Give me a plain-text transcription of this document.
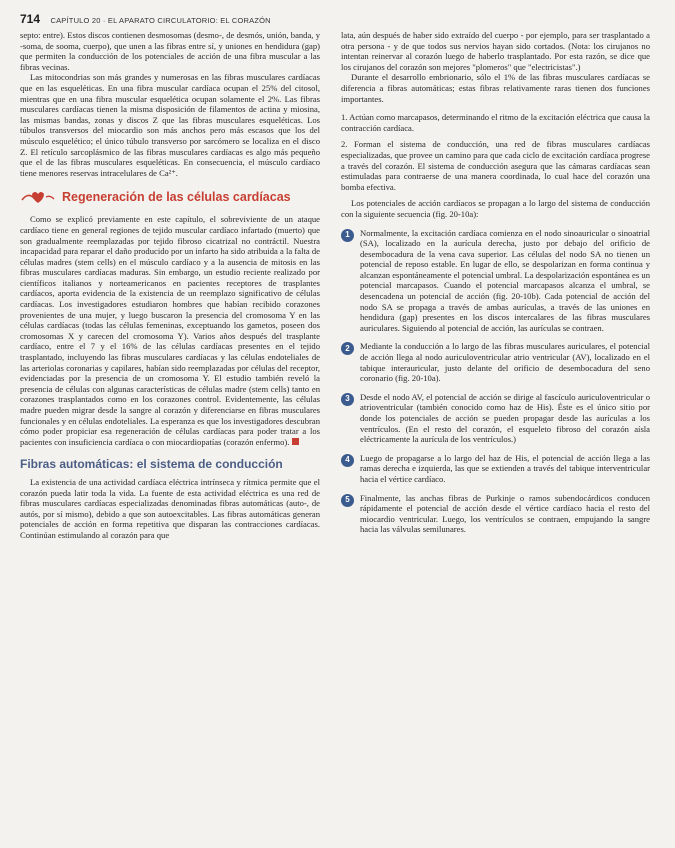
714 CAPÍTULO 20 · EL APARATO CIRCULATORIO: EL CORAZÓN

septo: entre). Estos discos contienen desmosomas (desmo-, de desmós, unión, banda, y -soma, de sooma, cuerpo), que unen a las fibras entre sí, y uniones en hendidura (gap) que permiten la conducción de los potenciales de acción de una fibra muscular a las fibras vecinas.

Las mitocondrias son más grandes y numerosas en las fibras musculares cardíacas que en las esqueléticas. En una fibra muscular cardíaca ocupan el 25% del citosol, mientras que en una fibra muscular esquelética ocupan solamente el 2%. Las fibras musculares cardíacas tienen la misma disposición de filamentos de actina y miosina, las mismas bandas, zonas y discos Z que las fibras musculares esqueléticas. Los túbulos transversos del miocardio son más anchos pero más escasos que los del músculo esquelético; el único túbulo transverso por sarcómero se localiza en el disco Z. El retículo sarcoplásmico de las fibras musculares cardíacas es algo más pequeño que el de las fibras musculares esqueléticas. En consecuencia, el músculo cardíaco tiene menores reservas intracelulares de Ca²⁺.

Regeneración de las células cardíacas

Como se explicó previamente en este capítulo, el sobreviviente de un ataque cardíaco tiene en general regiones de tejido muscular cardíaco infartado (muerto) que son gradualmente reemplazadas por tejido fibroso cicatrizal no contráctil. Nuestra incapacidad para reparar el daño producido por un infarto ha sido atribuida a la falta de células madres (stem cells) en el músculo cardíaco y a la ausencia de mitosis en las fibras musculares cardíacas maduras. Sin embargo, un estudio reciente realizado por científicos italianos y norteamericanos en pacientes receptores de trasplantes cardíacos, aporta evidencia de la existencia de un reemplazo significativo de células cardíacas. Los investigadores estudiaron hombres que habían recibido corazones provenientes de una mujer, y luego buscaron la presencia del cromosoma Y en las células cardíacas (todas las células femeninas, exceptuando los gametos, poseen dos cromosomas X y carecen del cromosoma Y). Varios años después del trasplante cardíaco, entre el 7 y el 16% de las células cardíacas presentes en el tejido trasplantado, incluyendo las fibras musculares cardíacas y las células endoteliales de las arteriolas coronarias y capilares, habían sido reemplazadas por células del receptor, evidenciadas por la presencia de un cromosoma Y. El estudio también reveló la presencia de células con algunas características de células madre (stem cells) tanto en corazones trasplantados como en los corazones control. Evidentemente, las células madre pueden migrar desde la sangre al corazón y diferenciarse en fibras musculares funcionales y en células endoteliales. La esperanza es que los investigadores descubran cómo poder propiciar esa regeneración de células cardíacas para poder tratar a los pacientes con insuficiencia cardíaca o con miocardiopatías (corazón enfermo).

Fibras automáticas: el sistema de conducción

La existencia de una actividad cardíaca eléctrica intrínseca y rítmica permite que el corazón pueda latir toda la vida. La fuente de esta actividad eléctrica es una red de fibras musculares cardíacas especializadas denominadas fibras automáticas (auto-, de autós, por sí mismo), debido a que son autoexcitables. Las fibras automáticas generan potenciales de acción en forma repetitiva que disparan las contracciones cardíacas. Continúan estimulando al corazón para que

lata, aún después de haber sido extraído del cuerpo - por ejemplo, para ser trasplantado a otra persona - y de que todos sus nervios hayan sido cortados. (Nota: los cirujanos no intentan reinervar al corazón luego de haberlo trasplantado. Por esta razón, se dice que los cirujanos del corazón son mejores "plomeros" que "electricistas".)

Durante el desarrollo embrionario, sólo el 1% de las fibras musculares cardíacas se diferencia a fibras automáticas; estas fibras relativamente raras tienen dos funciones importantes.

1. Actúan como marcapasos, determinando el ritmo de la excitación eléctrica que causa la contracción cardíaca.

2. Forman el sistema de conducción, una red de fibras musculares cardíacas especializadas, que provee un camino para que cada ciclo de excitación cardíaca progrese a través del corazón. El sistema de conducción asegura que las cámaras cardíacas sean estimuladas para contraerse de una manera coordinada, lo cual hace del corazón una bomba efectiva.

Los potenciales de acción cardíacos se propagan a lo largo del sistema de conducción con la siguiente secuencia (fig. 20-10a):

1	Normalmente, la excitación cardíaca comienza en el nodo sinoauricular o sinoatrial (SA), localizado en la aurícula derecha, justo por debajo del orificio de desembocadura de la vena cava superior. Las células del nodo SA no tienen un potencial de reposo estable. En lugar de ello, se despolarizan en forma continua y alcanzan espontáneamente el potencial umbral. La despolarización espontánea es un potencial marcapasos. Cuando el potencial marcapasos alcanza el umbral, se desencadena un potencial de acción (fig. 20-10b). Cada potencial de acción del nodo SA se propaga a través de ambas aurículas, a través de las uniones en hendidura (gap) presentes en los discos intercalares de las fibras musculares auriculares. Siguiendo al potencial de acción, las aurículas se contraen.
2	Mediante la conducción a lo largo de las fibras musculares auriculares, el potencial de acción llega al nodo auriculoventricular atrio ventricular (AV), localizado en el tabique interauricular, justo delante del orificio de desembocadura del seno coronario (fig. 20-10a).
3	Desde el nodo AV, el potencial de acción se dirige al fascículo auriculoventricular o atrioventricular (también conocido como haz de His). Éste es el único sitio por donde los potenciales de acción se pueden propagar desde las aurículas a los ventrículos. (En el resto del corazón, el esqueleto fibroso del corazón aísla eléctricamente la aurícula de los ventrículos.)
4	Luego de propagarse a lo largo del haz de His, el potencial de acción llega a las ramas derecha e izquierda, las que se extienden a través del tabique interventricular hacia el vértice cardíaco.
5	Finalmente, las anchas fibras de Purkinje o ramos subendocárdicos conducen rápidamente el potencial de acción desde el vértice cardíaco hacia el resto del miocardio ventricular. Luego, los ventrículos se contraen, empujando la sangre hacia las válvulas semilunares.
